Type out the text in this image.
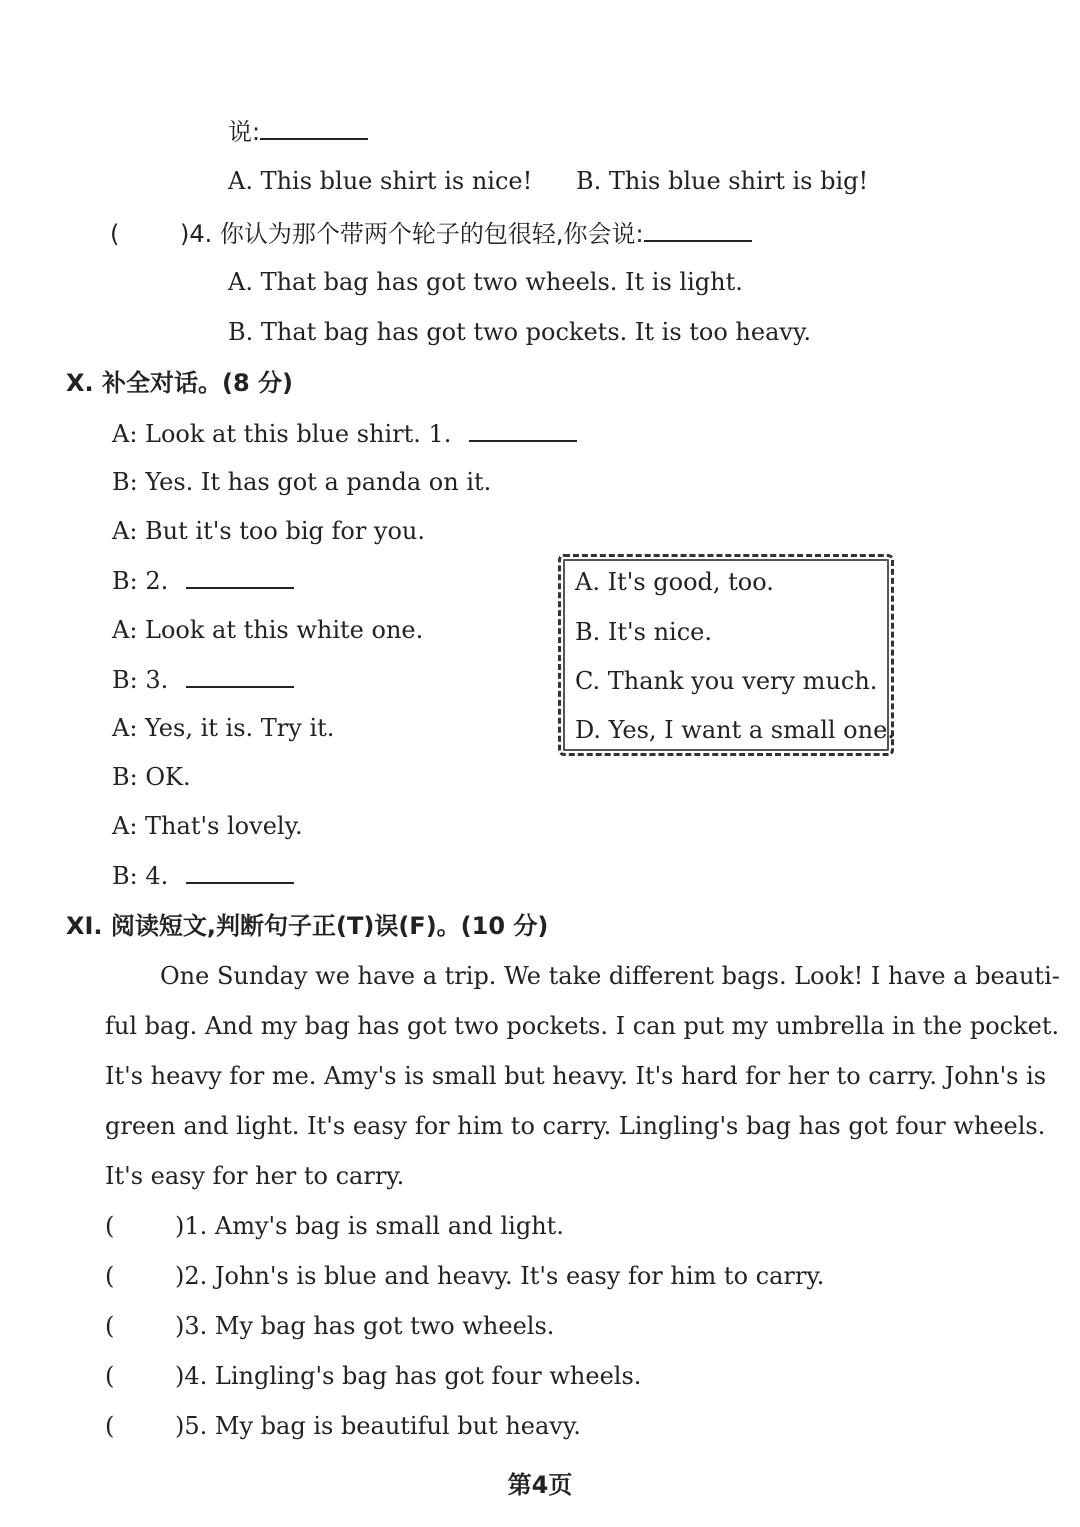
说:
A. This blue shirt is nice! B. This blue shirt is big!
(	)4. 你认为那个带两个轮子的包很轻,你会说:
A. That bag has got two wheels. It is light.
B. That bag has got two pockets. It is too heavy.
X. 补全对话。(8 分)
A: Look at this blue shirt. 1.
B: Yes. It has got a panda on it.
A: But it's too big for you.
B: 2.
A: Look at this white one.
B: 3.
A: Yes, it is. Try it.
B: OK.
A: That's lovely.
B: 4.
A. It's good, too.
B. It's nice.
C. Thank you very much.
D. Yes, I want a small one.
XI. 阅读短文,判断句子正(T)误(F)。(10 分)
One Sunday we have a trip. We take different bags. Look! I have a beauti-
ful bag. And my bag has got two pockets. I can put my umbrella in the pocket.
It's heavy for me. Amy's is small but heavy. It's hard for her to carry. John's is
green and light. It's easy for him to carry. Lingling's bag has got four wheels.
It's easy for her to carry.
(	)1. Amy's bag is small and light.
(	)2. John's is blue and heavy. It's easy for him to carry.
(	)3. My bag has got two wheels.
(	)4. Lingling's bag has got four wheels.
(	)5. My bag is beautiful but heavy.
第4页
